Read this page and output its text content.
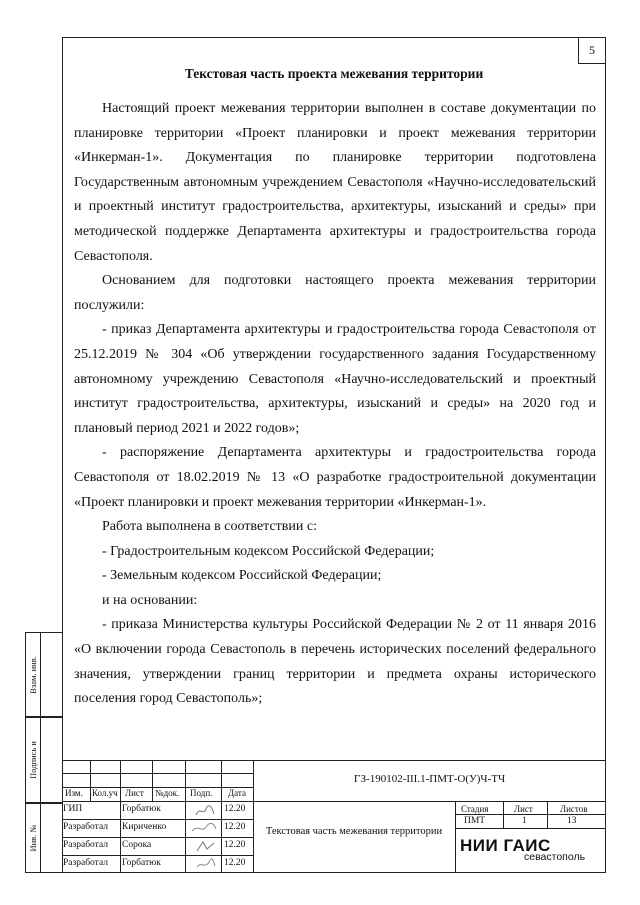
5
Текстовая часть проекта межевания территории

Настоящий проект межевания территории выполнен в составе документации по планировке территории «Проект планировки и проект межевания территории «Инкерман-1». Документация по планировке территории подготовлена Государственным автономным учреждением Севастополя «Научно-исследовательский и проектный институт градостроительства, архитектуры, изысканий и среды» при методической поддержке Департамента архитектуры и градостроительства города Севастополя.

Основанием для подготовки настоящего проекта межевания территории послужили:

- приказ Департамента архитектуры и градостроительства города Севастополя от 25.12.2019 № 304 «Об утверждении государственного задания Государственному автономному учреждению Севастополя «Научно-исследовательский и проектный институт градостроительства, архитектуры, изысканий и среды» на 2020 год и плановый период 2021 и 2022 годов»;

- распоряжение Департамента архитектуры и градостроительства города Севастополя от 18.02.2019 № 13 «О разработке градостроительной документации «Проект планировки и проект межевания территории «Инкерман-1».

Работа выполнена в соответствии с:

- Градостроительным кодексом Российской Федерации;

- Земельным кодексом Российской Федерации;

и на основании:

- приказа Министерства культуры Российской Федерации № 2 от 11 января 2016 «О включении города Севастополь в перечень исторических поселений федерального значения, утверждении границ территории и предмета охраны исторического поселения город Севастополь»;

Взам. инв.
Подпись и
Инв. №
Изм. Кол.уч Лист №док. Подп. Дата
ГИП	Горбатюк	12.20
Разработал Кириченко	12.20
Разработал Сорока	12.20
Разработал Горбатюк	12.20
ГЗ-190102-III.1-ПМТ-О(У)Ч-ТЧ
Текстовая часть межевания территории
Стадия	Лист	Листов
ПМТ	1	13
НИИ ГАИС
севастополь
